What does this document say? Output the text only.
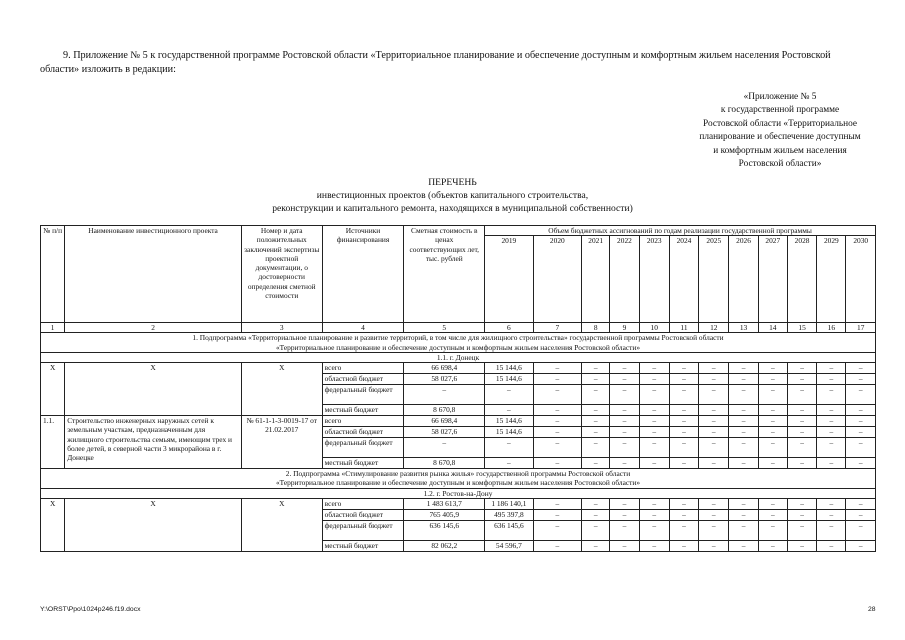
9. Приложение № 5 к государственной программе Ростовской области «Территориальное планирование и обеспечение доступным и комфортным жильем населения Ростовской области» изложить в редакции:
«Приложение № 5
к государственной программе
Ростовской области «Территориальное
планирование и обеспечение доступным
и комфортным жильем населения
Ростовской области»
ПЕРЕЧЕНЬ
инвестиционных проектов (объектов капитального строительства,
реконструкции и капитального ремонта, находящихся в муниципальной собственности)
№ п/п	Наименование инвестиционного проекта	Номер и дата положительных заключений экспертизы проектной документации, о достоверности определения сметной стоимости	Источники финансирования	Сметная стоимость в ценах соответствующих лет, тыс. рублей	Объем бюджетных ассигнований по годам реализации государственной программы											
					2019	2020	2021	2022	2023	2024	2025	2026	2027	2028	2029	2030
1	2	3	4	5	6	7	8	9	10	11	12	13	14	15	16	17

1. Подпрограмма «Территориальное планирование и развитие территорий, в том числе для жилищного строительства» государственной программы Ростовской области
«Территориальное планирование и обеспечение доступным и комфортным жильем населения Ростовской области»																

1.1. г. Донецк																
X	X	X	всего	66 698,4	15 144,6	–	–	–	–	–	–	–	–	–	–	–
			областной бюджет	58 027,6	15 144,6	–	–	–	–	–	–	–	–	–	–	–
			федеральный бюджет	–	–	–	–	–	–	–	–	–	–	–	–	–
			местный бюджет	8 670,8	–	–	–	–	–	–	–	–	–	–	–	–
1.1.	Строительство инженерных наружных сетей к земельным участкам, предназначенным для жилищного строительства семьям, имеющим трех и более детей, в северной части 3 микрорайона в г. Донецке	№ 61-1-1-3-0019-17 от 21.02.2017	всего	66 698,4	15 144,6	–	–	–	–	–	–	–	–	–	–	–
			областной бюджет	58 027,6	15 144,6	–	–	–	–	–	–	–	–	–	–	–
			федеральный бюджет	–	–	–	–	–	–	–	–	–	–	–	–	–
			местный бюджет	8 670,8	–	–	–	–	–	–	–	–	–	–	–	–

2. Подпрограмма «Стимулирование развития рынка жилья» государственной программы Ростовской области
«Территориальное планирование и обеспечение доступным и комфортным жильем населения Ростовской области»																

1.2. г. Ростов-на-Дону																
X	X	X	всего	1 483 613,7	1 186 140,1	–	–	–	–	–	–	–	–	–	–	–
			областной бюджет	765 405,9	495 397,8	–	–	–	–	–	–	–	–	–	–	–
			федеральный бюджет	636 145,6	636 145,6	–	–	–	–	–	–	–	–	–	–	–
			местный бюджет	82 062,2	54 596,7	–	–	–	–	–	–	–	–	–	–	–
Y:\ORST\Ppo\1024p246.f19.docx	28
